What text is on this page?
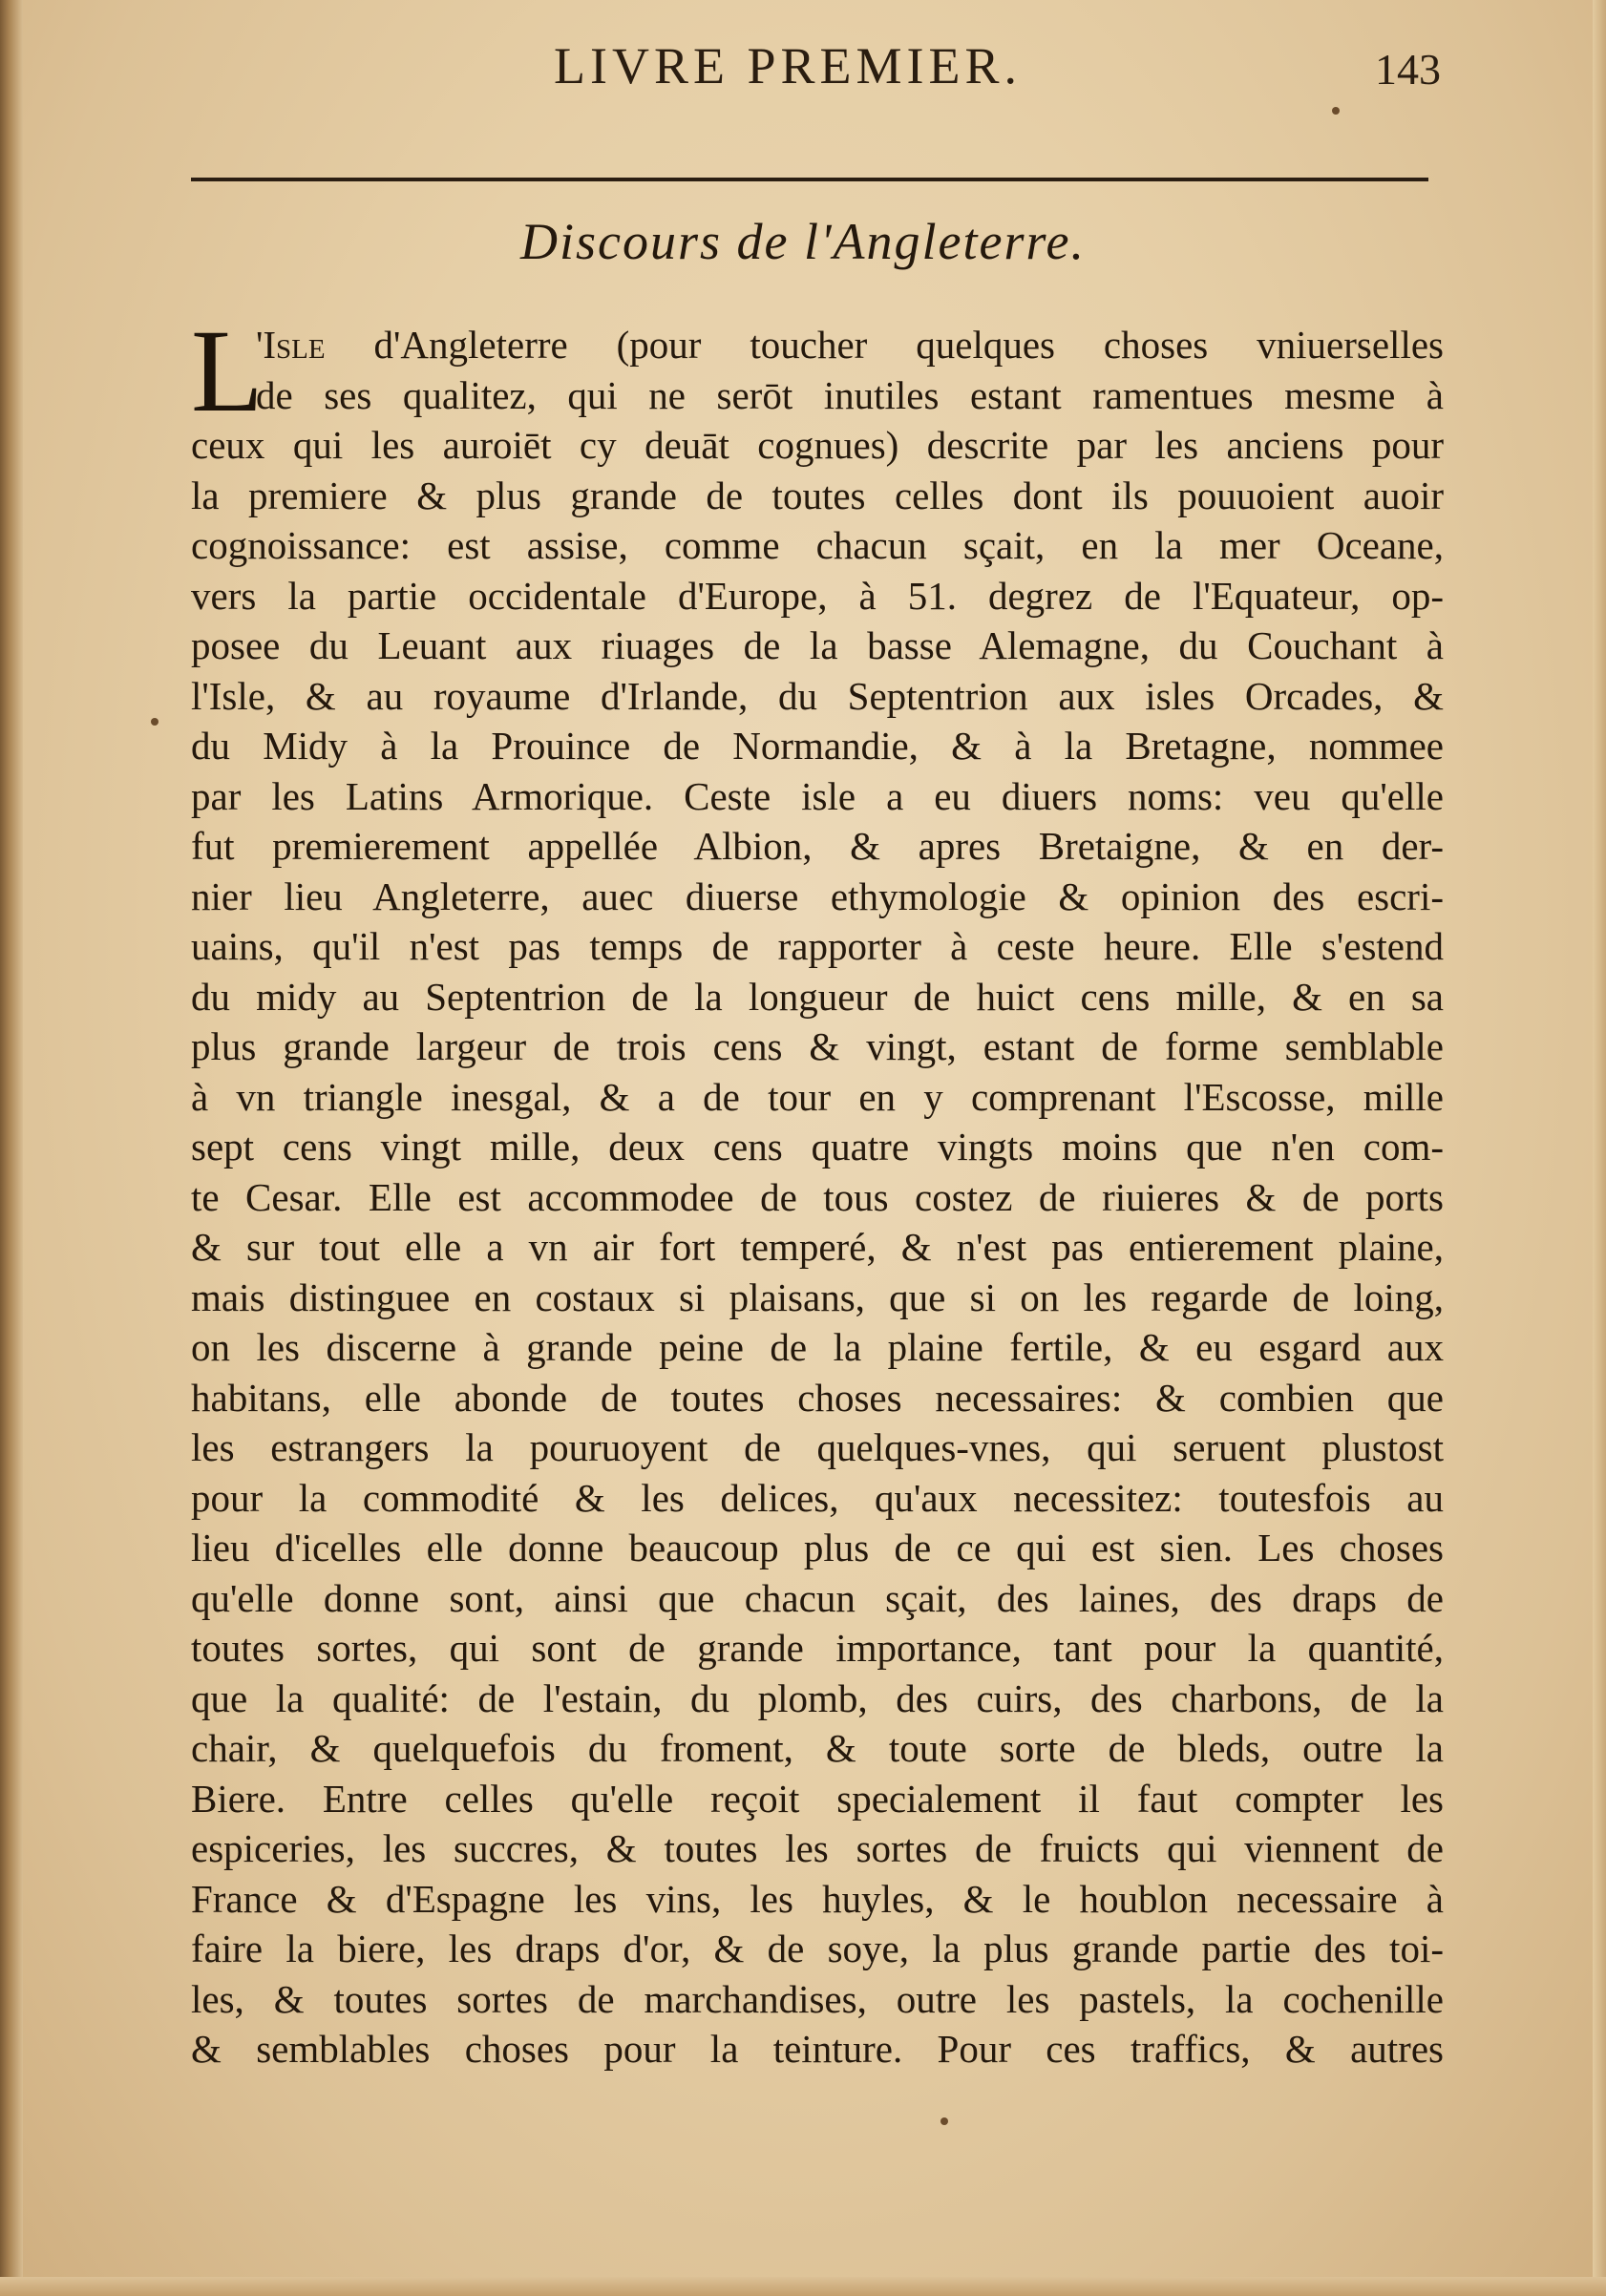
LIVRE PREMIER.	143
Discours de l'Angleterre.
L
'Isle d'Angleterre (pour toucher quelques choses vniuerselles
de ses qualitez, qui ne serōt inutiles estant ramentues mesme à
ceux qui les auroiēt cy deuāt cognues) descrite par les anciens pour
la premiere & plus grande de toutes celles dont ils pouuoient auoir
cognoissance: est assise, comme chacun sçait, en la mer Oceane,
vers la partie occidentale d'Europe, à 51. degrez de l'Equateur, op-
posee du Leuant aux riuages de la basse Alemagne, du Couchant à
l'Isle, & au royaume d'Irlande, du Septentrion aux isles Orcades, &
du Midy à la Prouince de Normandie, & à la Bretagne, nommee
par les Latins Armorique. Ceste isle a eu diuers noms: veu qu'elle
fut premierement appellée Albion, & apres Bretaigne, & en der-
nier lieu Angleterre, auec diuerse ethymologie & opinion des escri-
uains, qu'il n'est pas temps de rapporter à ceste heure. Elle s'estend
du midy au Septentrion de la longueur de huict cens mille, & en sa
plus grande largeur de trois cens & vingt, estant de forme semblable
à vn triangle inesgal, & a de tour en y comprenant l'Escosse, mille
sept cens vingt mille, deux cens quatre vingts moins que n'en com-
te Cesar. Elle est accommodee de tous costez de riuieres & de ports
& sur tout elle a vn air fort temperé, & n'est pas entierement plaine,
mais distinguee en costaux si plaisans, que si on les regarde de loing,
on les discerne à grande peine de la plaine fertile, & eu esgard aux
habitans, elle abonde de toutes choses necessaires: & combien que
les estrangers la pouruoyent de quelques-vnes, qui seruent plustost
pour la commodité & les delices, qu'aux necessitez: toutesfois au
lieu d'icelles elle donne beaucoup plus de ce qui est sien. Les choses
qu'elle donne sont, ainsi que chacun sçait, des laines, des draps de
toutes sortes, qui sont de grande importance, tant pour la quantité,
que la qualité: de l'estain, du plomb, des cuirs, des charbons, de la
chair, & quelquefois du froment, & toute sorte de bleds, outre la
Biere. Entre celles qu'elle reçoit specialement il faut compter les
espiceries, les succres, & toutes les sortes de fruicts qui viennent de
France & d'Espagne les vins, les huyles, & le houblon necessaire à
faire la biere, les draps d'or, & de soye, la plus grande partie des toi-
les, & toutes sortes de marchandises, outre les pastels, la cochenille
& semblables choses pour la teinture. Pour ces traffics, & autres
